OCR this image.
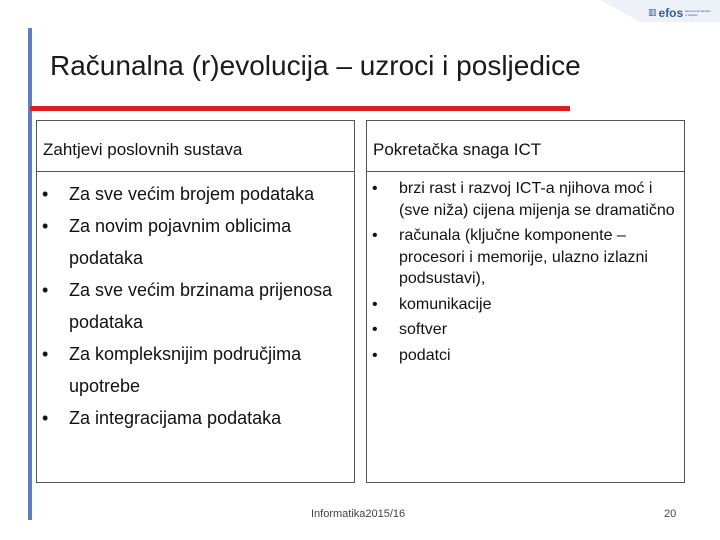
▥ efos Ekonomski fakultet u Osijeku
Računalna (r)evolucija – uzroci i posljedice
Zahtjevi poslovnih sustava
• Za sve većim brojem podataka
• Za novim pojavnim oblicima podataka
• Za sve većim brzinama prijenosa podataka
• Za kompleksnijim područjima upotrebe
• Za integracijama podataka
Pokretačka snaga ICT
• brzi rast i razvoj ICT-a njihova moć i (sve niža) cijena mijenja se dramatično
• računala (ključne komponente – procesori i memorije, ulazno izlazni podsustavi),
• komunikacije
• softver
• podatci
Informatika2015/16	20
